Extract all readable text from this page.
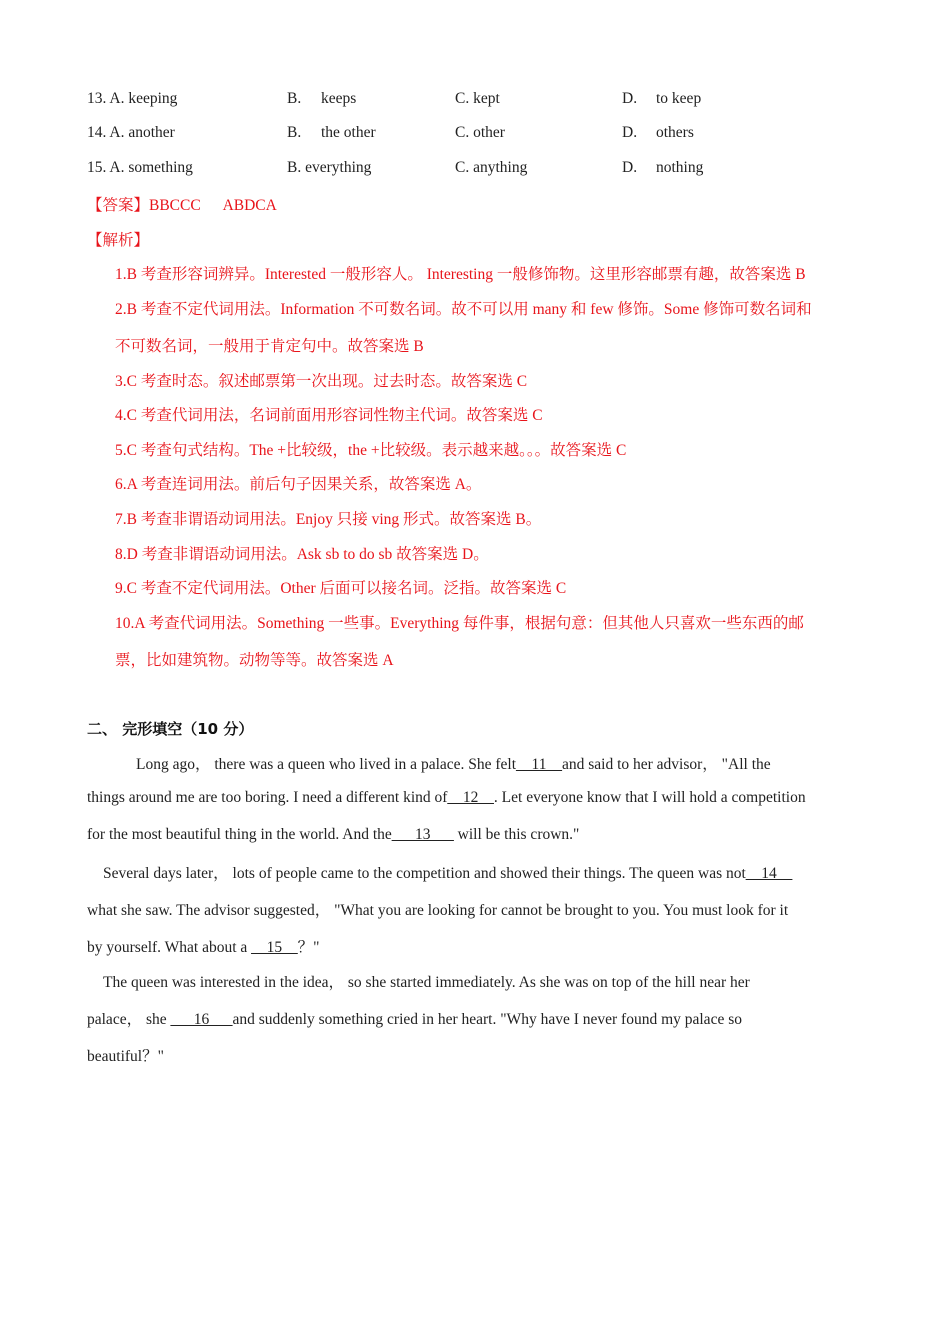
13. A. keeping	B. keeps	C. kept	D. to keep
14. A. another	B. the other	C. other	D. others
15. A. something	B. everything	C. anything	D. nothing
【答案】BBCCC ABDCA
【解析】
1.B 考查形容词辨异。Interested 一般形容人。 Interesting 一般修饰物。这里形容邮票有趣，故答案选 B
2.B 考查不定代词用法。Information 不可数名词。故不可以用 many 和 few 修饰。Some 修饰可数名词和
不可数名词，一般用于肯定句中。故答案选 B
3.C 考查时态。叙述邮票第一次出现。过去时态。故答案选 C
4.C 考查代词用法，名词前面用形容词性物主代词。故答案选 C
5.C 考查句式结构。The +比较级，the +比较级。表示越来越。。。故答案选 C
6.A 考查连词用法。前后句子因果关系，故答案选 A。
7.B 考查非谓语动词用法。Enjoy 只接 ving 形式。故答案选 B。
8.D 考查非谓语动词用法。Ask sb to do sb 故答案选 D。
9.C 考查不定代词用法。Other 后面可以接名词。泛指。故答案选 C
10.A 考查代词用法。Something 一些事。Everything 每件事，根据句意：但其他人只喜欢一些东西的邮
票，比如建筑物。动物等等。故答案选 A
二、 完形填空（10 分）
Long ago， there was a queen who lived in a palace. She felt__11__and said to her advisor， "All the
things around me are too boring. I need a different kind of__12__. Let everyone know that I will hold a competition
for the most beautiful thing in the world. And the___13___ will be this crown."
Several days later， lots of people came to the competition and showed their things. The queen was not__14__
what she saw. The advisor suggested， "What you are looking for cannot be brought to you. You must look for it
by yourself. What about a __15__？"
The queen was interested in the idea， so she started immediately. As she was on top of the hill near her
palace， she ___16___and suddenly something cried in her heart. "Why have I never found my palace so
beautiful？"
